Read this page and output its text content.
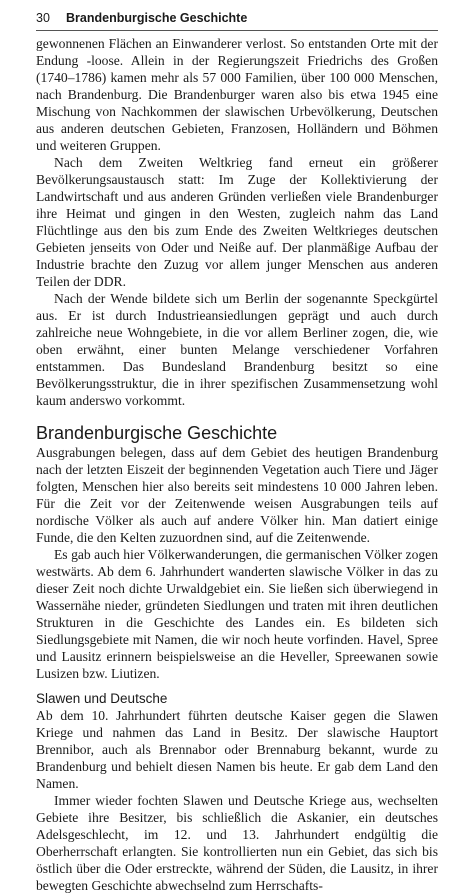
30 Brandenburgische Geschichte

gewonnenen Flächen an Einwanderer verlost. So entstanden Orte mit der Endung -loose. Allein in der Regierungszeit Friedrichs des Großen (1740–1786) kamen mehr als 57 000 Familien, über 100 000 Menschen, nach Brandenburg. Die Brandenburger waren also bis etwa 1945 eine Mischung von Nachkommen der slawischen Urbevölkerung, Deutschen aus anderen deutschen Gebieten, Franzosen, Holländern und Böhmen und weiteren Gruppen.

Nach dem Zweiten Weltkrieg fand erneut ein größerer Bevölkerungsaustausch statt: Im Zuge der Kollektivierung der Landwirtschaft und aus anderen Gründen verließen viele Brandenburger ihre Heimat und gingen in den Westen, zugleich nahm das Land Flüchtlinge aus den bis zum Ende des Zweiten Weltkrieges deutschen Gebieten jenseits von Oder und Neiße auf. Der planmäßige Aufbau der Industrie brachte den Zuzug vor allem junger Menschen aus anderen Teilen der DDR.

Nach der Wende bildete sich um Berlin der sogenannte Speckgürtel aus. Er ist durch Industrieansiedlungen geprägt und auch durch zahlreiche neue Wohngebiete, in die vor allem Berliner zogen, die, wie oben erwähnt, einer bunten Melange verschiedener Vorfahren entstammen. Das Bundesland Brandenburg besitzt so eine Bevölkerungsstruktur, die in ihrer spezifischen Zusammensetzung wohl kaum anderswo vorkommt.

Brandenburgische Geschichte

Ausgrabungen belegen, dass auf dem Gebiet des heutigen Brandenburg nach der letzten Eiszeit der beginnenden Vegetation auch Tiere und Jäger folgten, Menschen hier also bereits seit mindestens 10 000 Jahren leben. Für die Zeit vor der Zeitenwende weisen Ausgrabungen teils auf nordische Völker als auch auf andere Völker hin. Man datiert einige Funde, die den Kelten zuzuordnen sind, auf die Zeitenwende.

Es gab auch hier Völkerwanderungen, die germanischen Völker zogen westwärts. Ab dem 6. Jahrhundert wanderten slawische Völker in das zu dieser Zeit noch dichte Urwaldgebiet ein. Sie ließen sich überwiegend in Wassernähe nieder, gründeten Siedlungen und traten mit ihren deutlichen Strukturen in die Geschichte des Landes ein. Es bildeten sich Siedlungsgebiete mit Namen, die wir noch heute vorfinden. Havel, Spree und Lausitz erinnern beispielsweise an die Heveller, Spreewanen sowie Lusizen bzw. Liutizen.

Slawen und Deutsche

Ab dem 10. Jahrhundert führten deutsche Kaiser gegen die Slawen Kriege und nahmen das Land in Besitz. Der slawische Hauptort Brennibor, auch als Brennabor oder Brennaburg bekannt, wurde zu Brandenburg und behielt diesen Namen bis heute. Er gab dem Land den Namen.

Immer wieder fochten Slawen und Deutsche Kriege aus, wechselten Gebiete ihre Besitzer, bis schließlich die Askanier, ein deutsches Adelsgeschlecht, im 12. und 13. Jahrhundert endgültig die Oberherrschaft erlangten. Sie kontrollierten nun ein Gebiet, das sich bis östlich über die Oder erstreckte, während der Süden, die Lausitz, in ihrer bewegten Geschichte abwechselnd zum Herrschafts-
